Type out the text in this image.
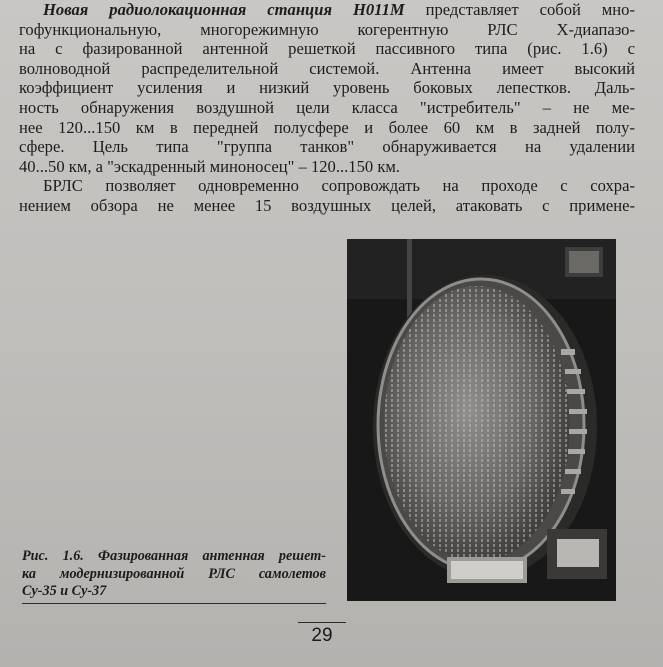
Новая радиолокационная станция Н011М представляет собой мно-
гофункциональную, многорежимную когерентную РЛС Х-диапазо-
на с фазированной антенной решеткой пассивного типа (рис. 1.6) с
волноводной распределительной системой. Антенна имеет высокий
коэффициент усиления и низкий уровень боковых лепестков. Даль-
ность обнаружения воздушной цели класса "истребитель" – не ме-
нее 120...150 км в передней полусфере и более 60 км в задней полу-
сфере. Цель типа "группа танков" обнаруживается на удалении
40...50 км, а "эскадренный миноносец" – 120...150 км.
БРЛС позволяет одновременно сопровождать на проходе с сохра-
нением обзора не менее 15 воздушных целей, атаковать с примене-
Рис. 1.6. Фазированная антенная решет-
ка модернизированной РЛС самолетов
Су-35 и Су-37
29
